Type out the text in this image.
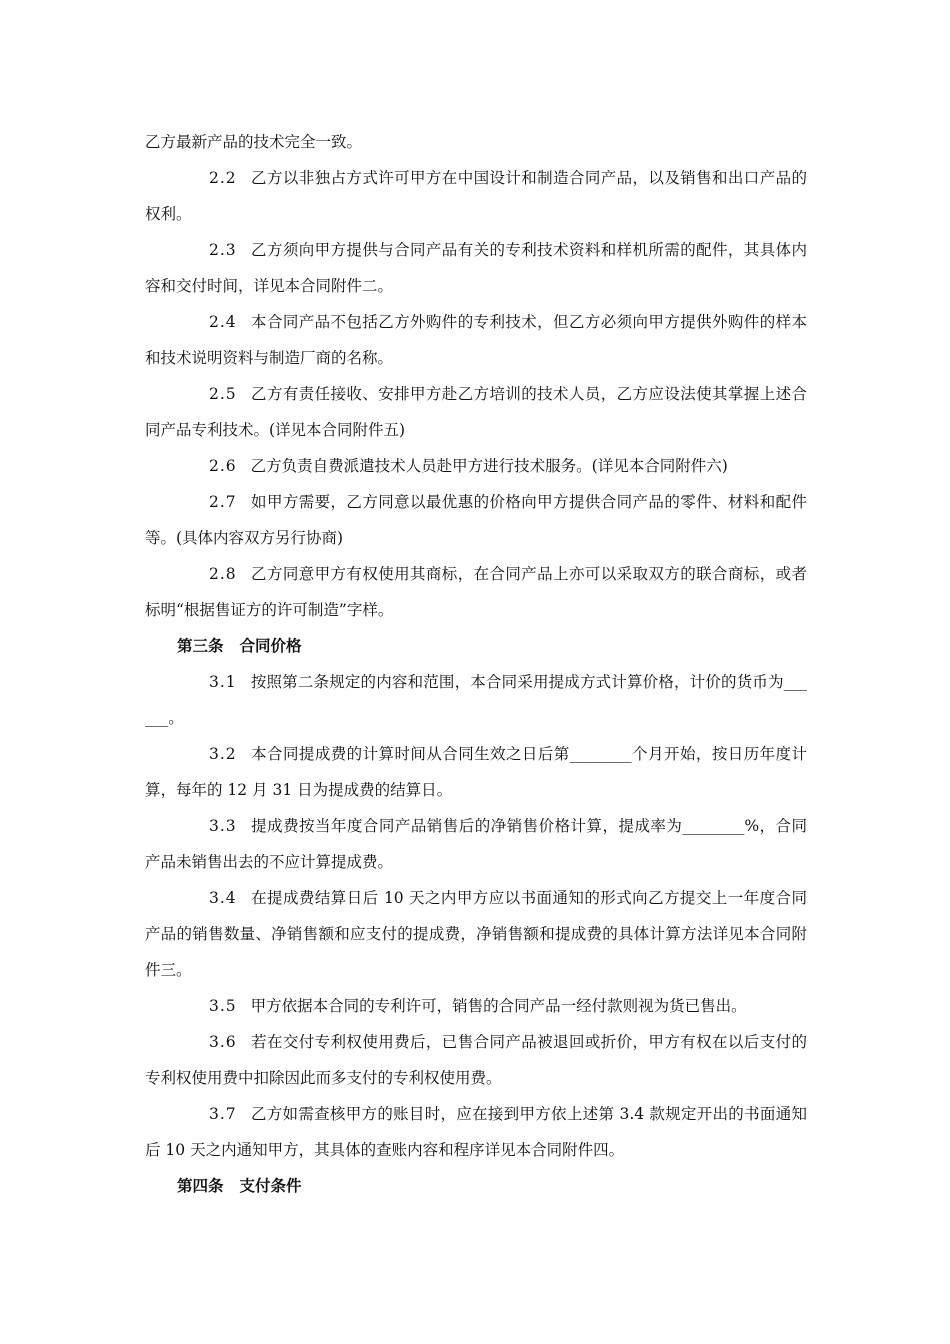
乙方最新产品的技术完全一致。

2.2 乙方以非独占方式许可甲方在中国设计和制造合同产品，以及销售和出口产品的权利。

2.3 乙方须向甲方提供与合同产品有关的专利技术资料和样机所需的配件，其具体内容和交付时间，详见本合同附件二。

2.4 本合同产品不包括乙方外购件的专利技术，但乙方必须向甲方提供外购件的样本和技术说明资料与制造厂商的名称。

2.5 乙方有责任接收、安排甲方赴乙方培训的技术人员，乙方应设法使其掌握上述合同产品专利技术。(详见本合同附件五)

2.6 乙方负责自费派遣技术人员赴甲方进行技术服务。(详见本合同附件六)

2.7 如甲方需要，乙方同意以最优惠的价格向甲方提供合同产品的零件、材料和配件等。(具体内容双方另行协商)

2.8 乙方同意甲方有权使用其商标，在合同产品上亦可以采取双方的联合商标，或者标明“根据售证方的许可制造”字样。

第三条 合同价格

3.1 按照第二条规定的内容和范围，本合同采用提成方式计算价格，计价的货币为______。

3.2 本合同提成费的计算时间从合同生效之日后第________个月开始，按日历年度计算，每年的 12 月 31 日为提成费的结算日。

3.3 提成费按当年度合同产品销售后的净销售价格计算，提成率为________%，合同产品未销售出去的不应计算提成费。

3.4 在提成费结算日后 10 天之内甲方应以书面通知的形式向乙方提交上一年度合同产品的销售数量、净销售额和应支付的提成费，净销售额和提成费的具体计算方法详见本合同附件三。

3.5 甲方依据本合同的专利许可，销售的合同产品一经付款则视为货已售出。

3.6 若在交付专利权使用费后，已售合同产品被退回或折价，甲方有权在以后支付的专利权使用费中扣除因此而多支付的专利权使用费。

3.7 乙方如需查核甲方的账目时，应在接到甲方依上述第 3.4 款规定开出的书面通知后 10 天之内通知甲方，其具体的查账内容和程序详见本合同附件四。

第四条 支付条件
